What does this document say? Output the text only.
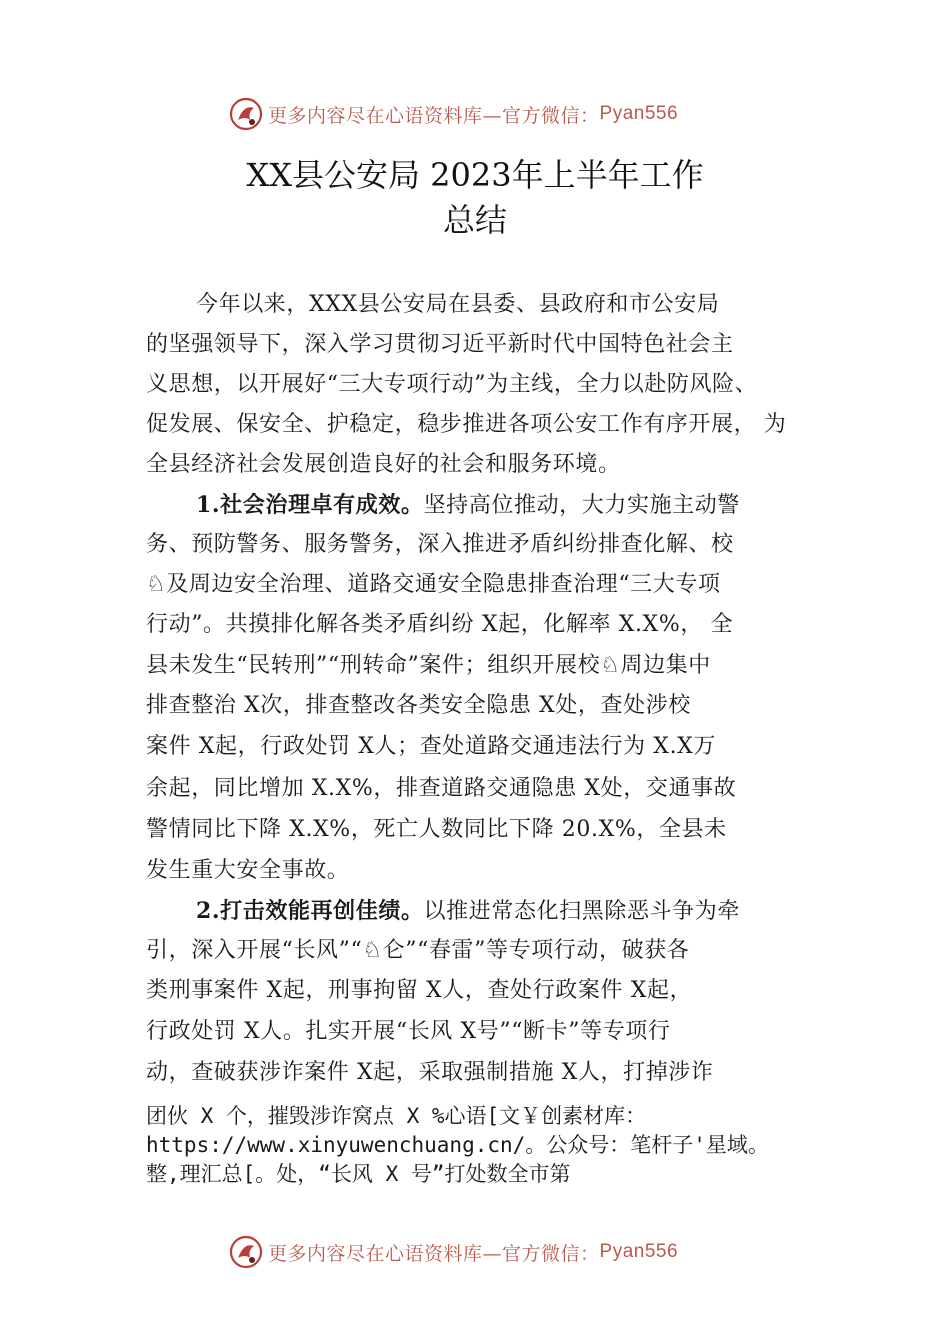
更多内容尽在心语资料库—官方微信： Pyan556
XX县公安局 2023年上半年工作
总结
今年以来，XXX县公安局在县委、县政府和市公安局
的坚强领导下，深入学习贯彻习近平新时代中国特色社会主
义思想，以开展好“三大专项行动”为主线，全力以赴防风险、
促发展、保安全、护稳定，稳步推进各项公安工作有序开展， 为
全县经济社会发展创造良好的社会和服务环境。
1.社会治理卓有成效。坚持高位推动，大力实施主动警
务、预防警务、服务警务，深入推进矛盾纠纷排查化解、校
♘及周边安全治理、道路交通安全隐患排查治理“三大专项
行动”。共摸排化解各类矛盾纠纷 X起，化解率 X.X%， 全
县未发生“民转刑”“刑转命”案件；组织开展校♘周边集中
排查整治 X次，排查整改各类安全隐患 X处，查处涉校
案件 X起，行政处罚 X人；查处道路交通违法行为 X.X万
余起，同比增加 X.X%，排查道路交通隐患 X处，交通事故
警情同比下降 X.X%，死亡人数同比下降 20.X%，全县未
发生重大安全事故。
2.打击效能再创佳绩。以推进常态化扫黑除恶斗争为牵
引，深入开展“长风”“♘仑”“春雷”等专项行动，破获各
类刑事案件 X起，刑事拘留 X人，查处行政案件 X起，
行政处罚 X人。扎实开展“长风 X号”“断卡”等专项行
动，查破获涉诈案件 X起，采取强制措施 X人，打掉涉诈
团伙 X 个，摧毁涉诈窝点 X %心语[文￥创素材库：
https://www.xinyuwenchuang.cn/。公众号：笔杆子'星域。
整,理汇总[。处，“长风 X 号”打处数全市第
更多内容尽在心语资料库—官方微信： Pyan556
